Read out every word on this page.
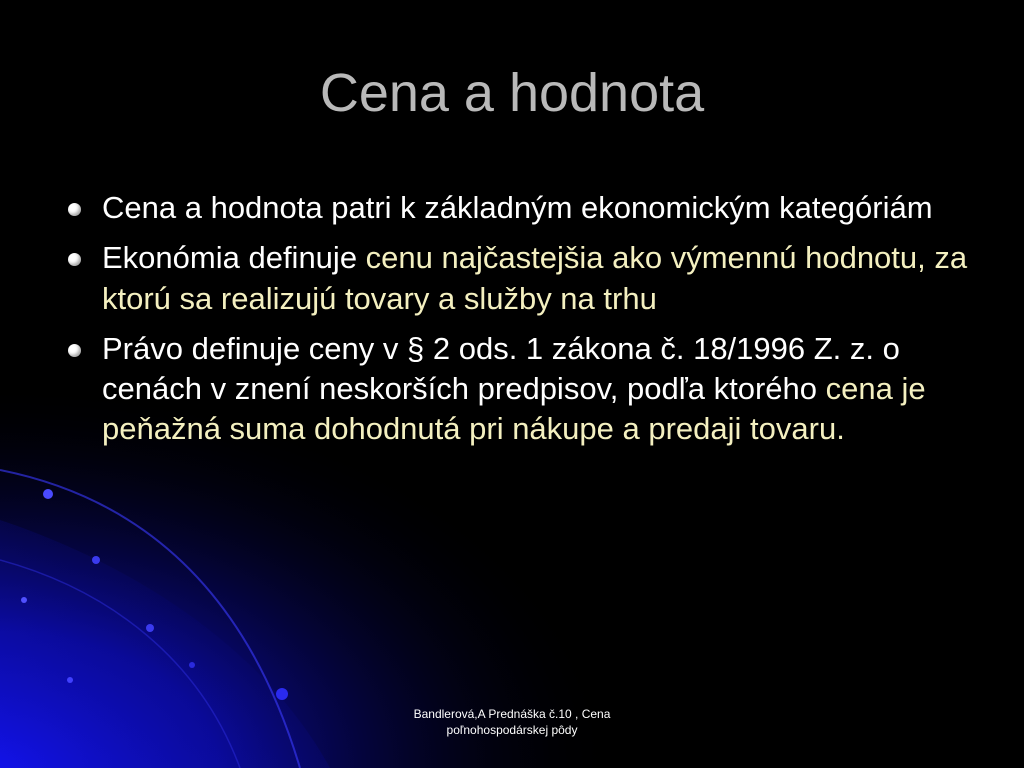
Cena a hodnota
Cena a hodnota patri k základným ekonomickým kategóriám
Ekonómia definuje cenu najčastejšia ako výmennú hodnotu, za ktorú sa realizujú tovary a služby na trhu
Právo definuje ceny v § 2 ods. 1 zákona č. 18/1996 Z. z. o cenách v znení neskorších predpisov, podľa ktorého cena je peňažná suma dohodnutá pri nákupe a predaji tovaru.
Bandlerová,A Prednáška č.10 , Cena
poľnohospodárskej pôdy
